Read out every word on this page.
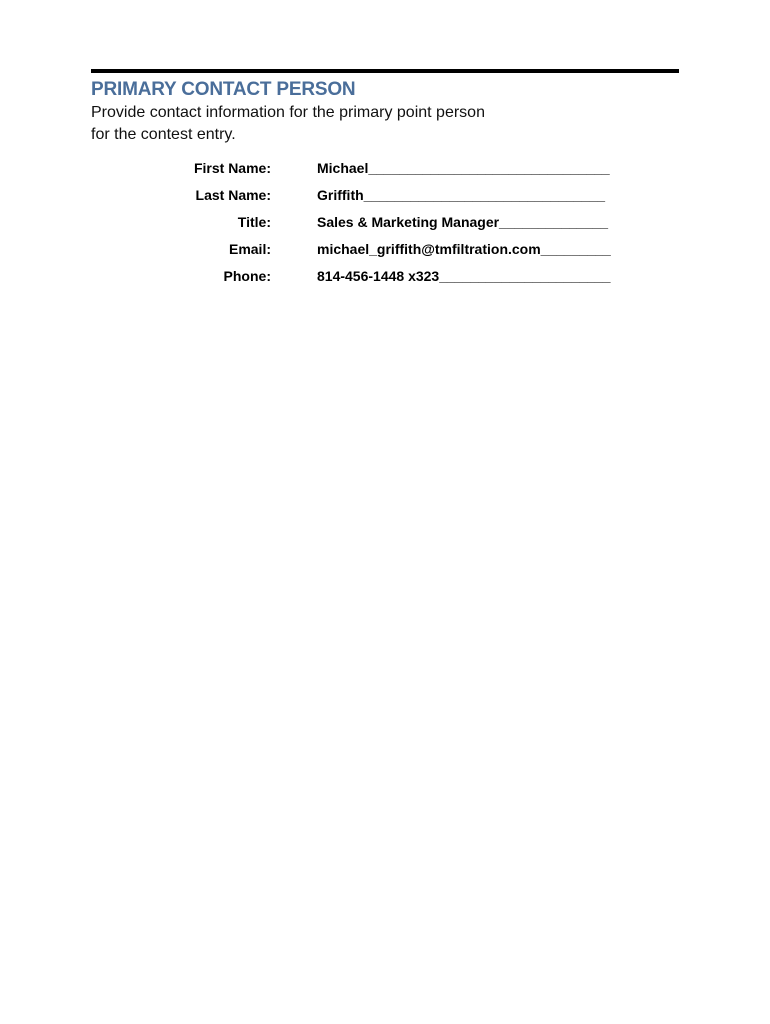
PRIMARY CONTACT PERSON
Provide contact information for the primary point person
for the contest entry.
First Name:	Michael_______________________________
Last Name:	Griffith_______________________________
Title:	Sales & Marketing Manager______________
Email:	michael_griffith@tmfiltration.com_________
Phone:	814-456-1448 x323______________________
